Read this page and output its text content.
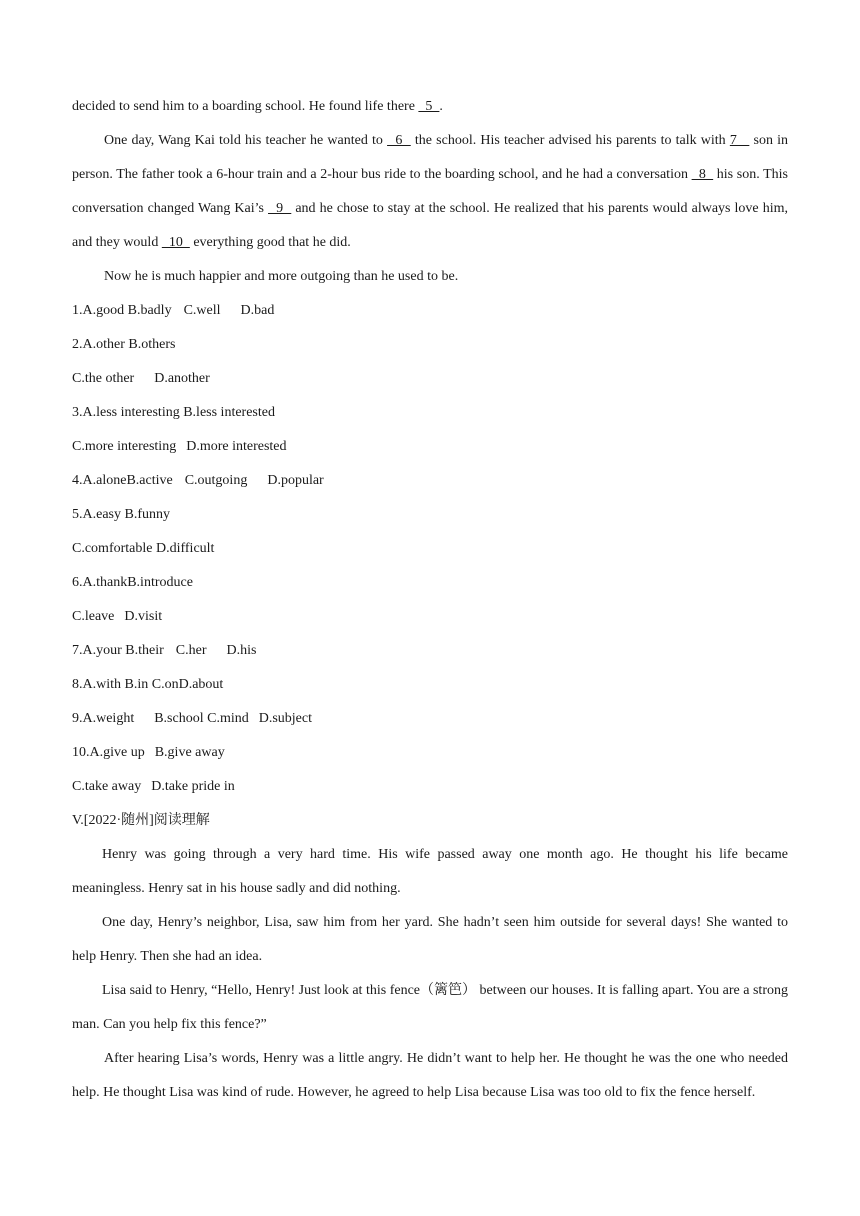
decided to send him to a boarding school. He found life there   5  .

One day, Wang Kai told his teacher he wanted to   6   the school. His teacher advised his parents to talk with 7    son in person. The father took a 6-hour train and a 2-hour bus ride to the boarding school, and he had a conversation   8   his son. This conversation changed Wang Kai’s   9   and he chose to stay at the school. He realized that his parents would always love him, and they would   10   everything good that he did.

Now he is much happier and more outgoing than he used to be.

1.A.good B.badly C.well D.bad

2.A.other B.others

C.the other D.another

3.A.less interesting B.less interested

C.more interesting D.more interested

4.A.aloneB.active C.outgoing D.popular

5.A.easy B.funny

C.comfortable D.difficult

6.A.thankB.introduce

C.leave D.visit

7.A.your B.their C.her D.his

8.A.with B.in C.onD.about

9.A.weight B.school C.mind D.subject

10.A.give up B.give away

C.take away D.take pride in

V.[2022·随州]阅读理解

Henry was going through a very hard time. His wife passed away one month ago. He thought his life became meaningless. Henry sat in his house sadly and did nothing.

One day, Henry’s neighbor, Lisa, saw him from her yard. She hadn’t seen him outside for several days! She wanted to help Henry. Then she had an idea.

Lisa said to Henry, “Hello, Henry! Just look at this fence（篱笆） between our houses. It is falling apart. You are a strong man. Can you help fix this fence?”

After hearing Lisa’s words, Henry was a little angry. He didn’t want to help her. He thought he was the one who needed help. He thought Lisa was kind of rude. However, he agreed to help Lisa because Lisa was too old to fix the fence herself.
